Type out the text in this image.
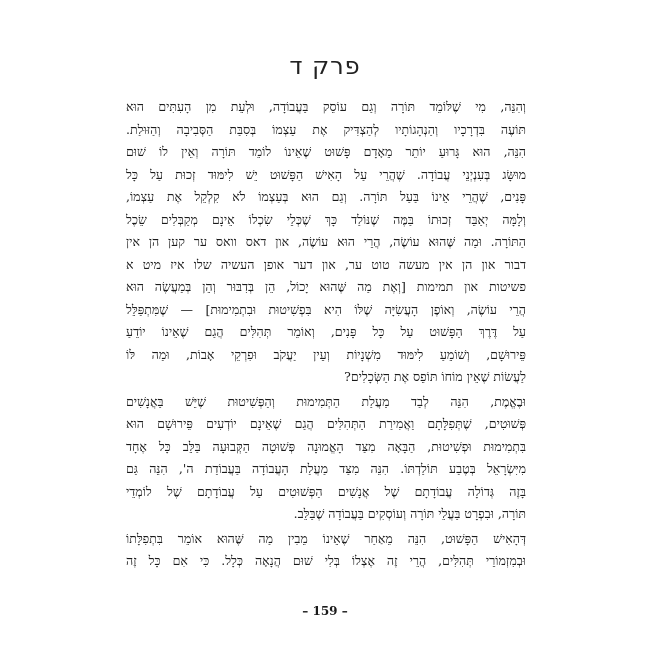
פרק ד
וְהִנֵּה, מִי שֶׁלּוֹמֵד תּוֹרָה וְגַם עוֹסֵק בַּעֲבוֹדָה, וּלְעֵת מִן הָעִתִּים הוּא
תּוֹעֶה בִּדְרָכָיו וְהַנְהָגוֹתָיו לְהַצְדִּיק אֶת עַצְמוֹ בְּסִבַּת הַסְּבִיבָה וְהַזּוּלַת.
הִנֵּה, הוּא גָּרוּעַ יוֹתֵר מֵאָדָם פָּשׁוּט שֶׁאֵינוֹ לוֹמֵד תּוֹרָה וְאֵין לוֹ שׁוּם
מוּשָּׂג בְּעִנְיְנֵי עֲבוֹדָה. שֶׁהֲרֵי עַל הָאִישׁ הַפָּשׁוּט יֵשׁ לִימּוּד זְכוּת עַל כָּל
פָּנִים, שֶׁהֲרֵי אֵינוֹ בַּעַל תּוֹרָה. וְגַם הוּא בְּעַצְמוֹ לֹא קִלְקֵל אֶת עַצְמוֹ,
וְלָמָּה יְאַבֵּד זְכוּתוֹ בַּמֶּה שֶׁנּוֹלַד כָּךְ שֶׁכְּלֵי שִׂכְלוֹ אֵינָם מְקַבְּלִים שֵׂכֶל
הַתּוֹרָה. וּמַה שֶּׁהוּא עוֹשֶׂה, הֲרֵי הוּא עוֹשֶׂה, און דאס וואס ער קען הן אין
דבור און הן אין מעשה טוט ער, און דער אופן העשיה שלו איז מיט א
פשיטות און תמימות [וְאֶת מַה שֶּׁהוּא יָכוֹל, הֵן בְּדִבּוּר וְהֵן בְּמַעֲשֶׂה הוּא
הֲרֵי עוֹשֶׂה, וְאוֹפֶן הָעֲשִׂיָּה שֶׁלּוֹ הִיא בִּפְשִׁיטוּת וּבִתְמִימוּת] — שֶׁמִּתְפַּלֵּל
עַל דֶּרֶךְ הַפָּשׁוּט עַל כָּל פָּנִים, וְאוֹמֵר תְּהִלִּים הֲגַם שֶׁאֵינוֹ יוֹדֵעַ
פֵּירוּשָׁם, וְשׁוֹמֵעַ לִימּוּד מִשְׁנָיוֹת וְעֵין יַעֲקֹב וּפִרְקֵי אָבוֹת, וּמַה לּוֹ
לַעֲשׂוֹת שֶׁאֵין מוֹחוֹ תּוֹפֵס אֶת הַשְּׂכָלִים?
וּבֶאֱמֶת, הִנֵּה לְבַד מַעֲלַת הַתְּמִימוּת וְהַפְּשִׁיטוּת שֶׁיֵּשׁ בַּאֲנָשִׁים
פְּשׁוּטִים, שֶׁתְּפִלָּתָם וַאֲמִירַת הַתְּהִלִּים הֲגַם שֶׁאֵינָם יוֹדְעִים פֵּירוּשָׁם הוּא
בִּתְמִימוּת וּפְשִׁיטוּת, הַבָּאָה מִצַּד הָאֱמוּנָה פְּשׁוּטָה הַקְּבוּעָה בַּלֵּב כָּל אֶחָד
מִיִּשְׂרָאֵל בְּטֶבַע תּוֹלַדְתּוֹ. הִנֵּה מִצַּד מַעֲלַת הָעֲבוֹדָה בַּעֲבוֹדַת ה', הִנֵּה גַּם
בָּזֶה גְּדוֹלָה עֲבוֹדָתָם שֶׁל אֲנָשִׁים הַפְּשׁוּטִים עַל עֲבוֹדָתָם שֶׁל לוֹמְדֵי
תּוֹרָה, וּבִפְרָט בַּעֲלֵי תּוֹרָה וְעוֹסְקִים בַּעֲבוֹדָה שֶׁבַּלֵּב.
דְּהָאִישׁ הַפָּשׁוּט, הִנֵּה מֵאַחַר שֶׁאֵינוֹ מֵבִין מַה שֶּׁהוּא אוֹמֵר בִּתְפִלָּתוֹ
וּבְמִזְמוֹרֵי תְּהִלִּים, הֲרֵי זֶה אֶצְלוֹ בְּלִי שׁוּם הֲנָאָה כְּלָל. כִּי אִם כָּל זֶה
– 159 –
